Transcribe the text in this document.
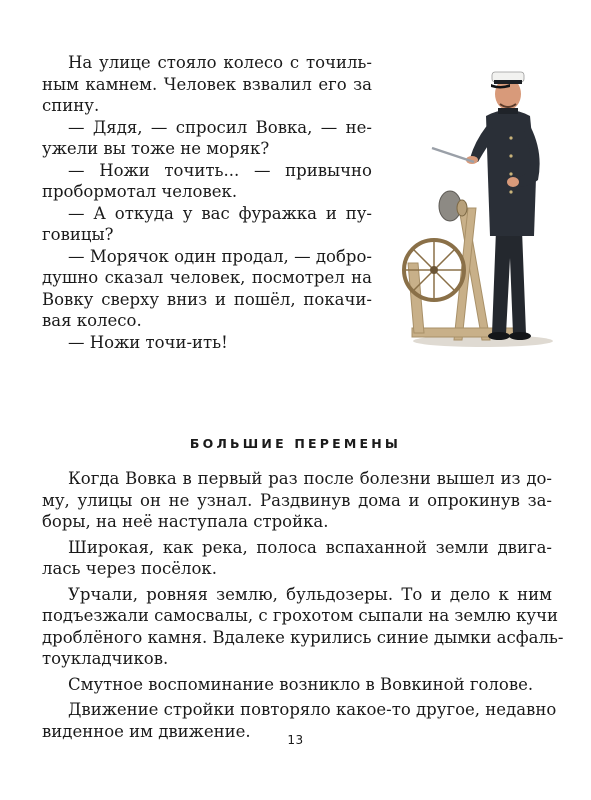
На улице стояло колесо с точиль-
ным камнем. Человек взвалил его за
спину.
— Дядя, — спросил Вовка, — не-
ужели вы тоже не моряк?
— Ножи точить... — привычно
пробормотал человек.
— А откуда у вас фуражка и пу-
говицы?
— Морячок один продал, — добро-
душно сказал человек, посмотрел на
Вовку сверху вниз и пошёл, покачи-
вая колесо.
— Ножи точи-ить!
БОЛЬШИЕ ПЕРЕМЕНЫ
Когда Вовка в первый раз после болезни вышел из до-
му, улицы он не узнал. Раздвинув дома и опрокинув за-
боры, на неё наступала стройка.
Широкая, как река, полоса вспаханной земли двига-
лась через посёлок.
Урчали, ровняя землю, бульдозеры. То и дело к ним
подъезжали самосвалы, с грохотом сыпали на землю кучи
дроблёного камня. Вдалеке курились синие дымки асфаль-
тоукладчиков.
Смутное воспоминание возникло в Вовкиной голове.
Движение стройки повторяло какое-то другое, недавно
виденное им движение.	13
